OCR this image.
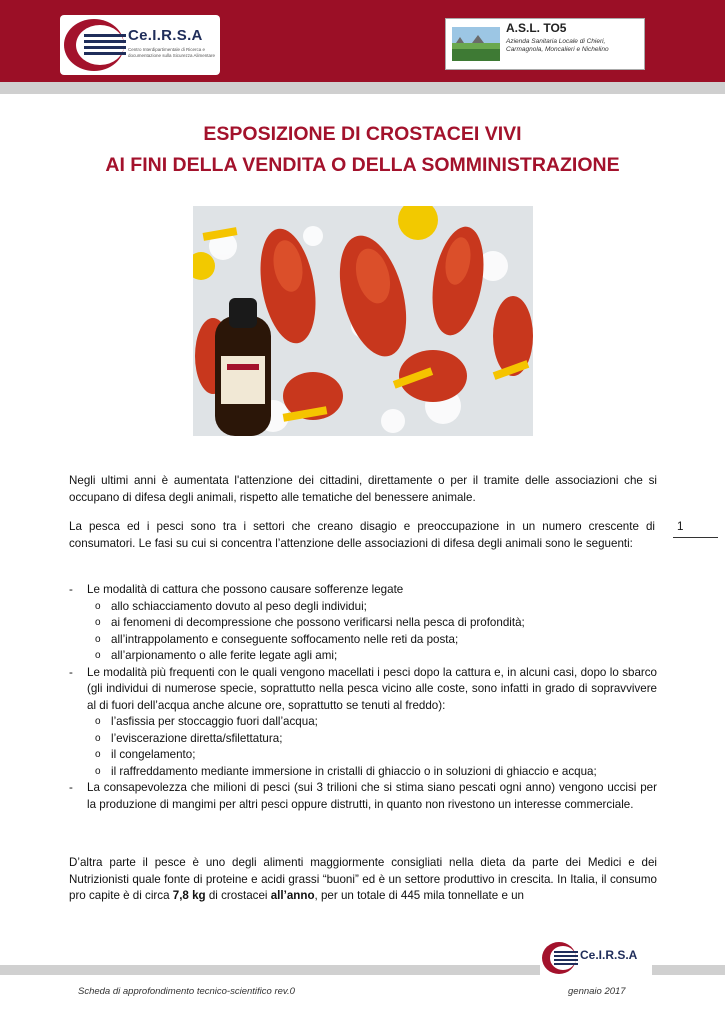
Ce.I.R.S.A
Centro Interdipartimentale di Ricerca e documentazione sulla Sicurezza Alimentare
A.S.L. TO5
Azienda Sanitaria Locale di Chieri, Carmagnola, Moncalieri e Nichelino
ESPOSIZIONE DI CROSTACEI VIVI
AI FINI DELLA VENDITA O DELLA SOMMINISTRAZIONE
Negli ultimi anni è aumentata l'attenzione dei cittadini, direttamente o per il tramite delle associazioni che si occupano di difesa degli animali, rispetto alle tematiche del benessere animale.
La pesca ed i pesci sono tra i settori che creano disagio e preoccupazione in un numero crescente di consumatori. Le fasi su cui si concentra l’attenzione delle associazioni di difesa degli animali sono le seguenti:
1
- Le modalità di cattura che possono causare sofferenze legate
o allo schiacciamento dovuto al peso degli individui;
o ai fenomeni di decompressione che possono verificarsi nella pesca di profondità;
o all’intrappolamento e conseguente soffocamento nelle reti da posta;
o all’arpionamento o alle ferite legate agli ami;
- Le modalità più frequenti con le quali vengono macellati i pesci dopo la cattura e, in alcuni casi, dopo lo sbarco (gli individui di numerose specie, soprattutto nella pesca vicino alle coste, sono infatti in grado di sopravvivere al di fuori dell’acqua anche alcune ore, soprattutto se tenuti al freddo):
o l’asfissia per stoccaggio fuori dall’acqua;
o l’eviscerazione diretta/sfilettatura;
o il congelamento;
o il raffreddamento mediante immersione in cristalli di ghiaccio o in soluzioni di ghiaccio e acqua;
- La consapevolezza che milioni di pesci (sui 3 trilioni che si stima siano pescati ogni anno) vengono uccisi per la produzione di mangimi per altri pesci oppure distrutti, in quanto non rivestono un interesse commerciale.
D’altra parte il pesce è uno degli alimenti maggiormente consigliati nella dieta da parte dei Medici e dei Nutrizionisti quale fonte di proteine e acidi grassi “buoni” ed è un settore produttivo in crescita. In Italia, il consumo pro capite è di circa 7,8 kg di crostacei all’anno, per un totale di 445 mila tonnellate e un
Ce.I.R.S.A
Scheda di approfondimento tecnico-scientifico rev.0	gennaio 2017
